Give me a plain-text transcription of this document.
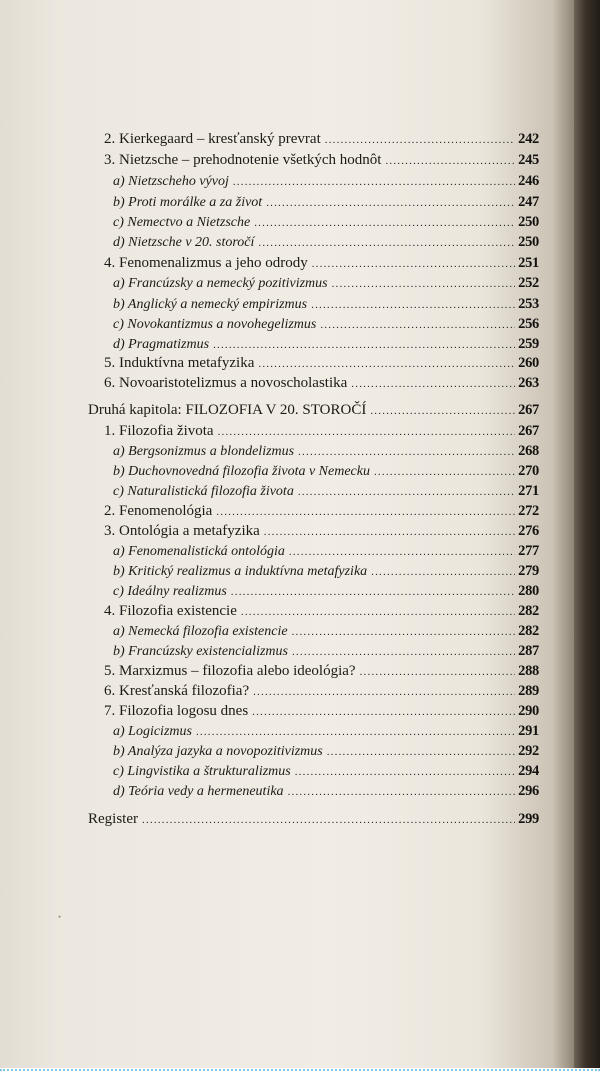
•
2. Kierkegaard – kresťanský prevrat .....	242
3. Nietzsche – prehodnotenie všetkých hodnôt .....	245
a) Nietzscheho vývoj .....	246
b) Proti morálke a za život .....	247
c) Nemectvo a Nietzsche .....	250
d) Nietzsche v 20. storočí .....	250
4. Fenomenalizmus a jeho odrody .....	251
a) Francúzsky a nemecký pozitivizmus .....	252
b) Anglický a nemecký empirizmus .....	253
c) Novokantizmus a novohegelizmus .....	256
d) Pragmatizmus .....	259
5. Induktívna metafyzika .....	260
6. Novoaristotelizmus a novoscholastika .....	263
Druhá kapitola: FILOZOFIA V 20. STOROČÍ .....	267
1. Filozofia života .....	267
a) Bergsonizmus a blondelizmus .....	268
b) Duchovnovedná filozofia života v Nemecku .....	270
c) Naturalistická filozofia života .....	271
2. Fenomenológia .....	272
3. Ontológia a metafyzika .....	276
a) Fenomenalistická ontológia .....	277
b) Kritický realizmus a induktívna metafyzika .....	279
c) Ideálny realizmus .....	280
4. Filozofia existencie .....	282
a) Nemecká filozofia existencie .....	282
b) Francúzsky existencializmus .....	287
5. Marxizmus – filozofia alebo ideológia? .....	288
6. Kresťanská filozofia? .....	289
7. Filozofia logosu dnes .....	290
a) Logicizmus .....	291
b) Analýza jazyka a novopozitivizmus .....	292
c) Lingvistika a štrukturalizmus .....	294
d) Teória vedy a hermeneutika .....	296
Register .....	299
